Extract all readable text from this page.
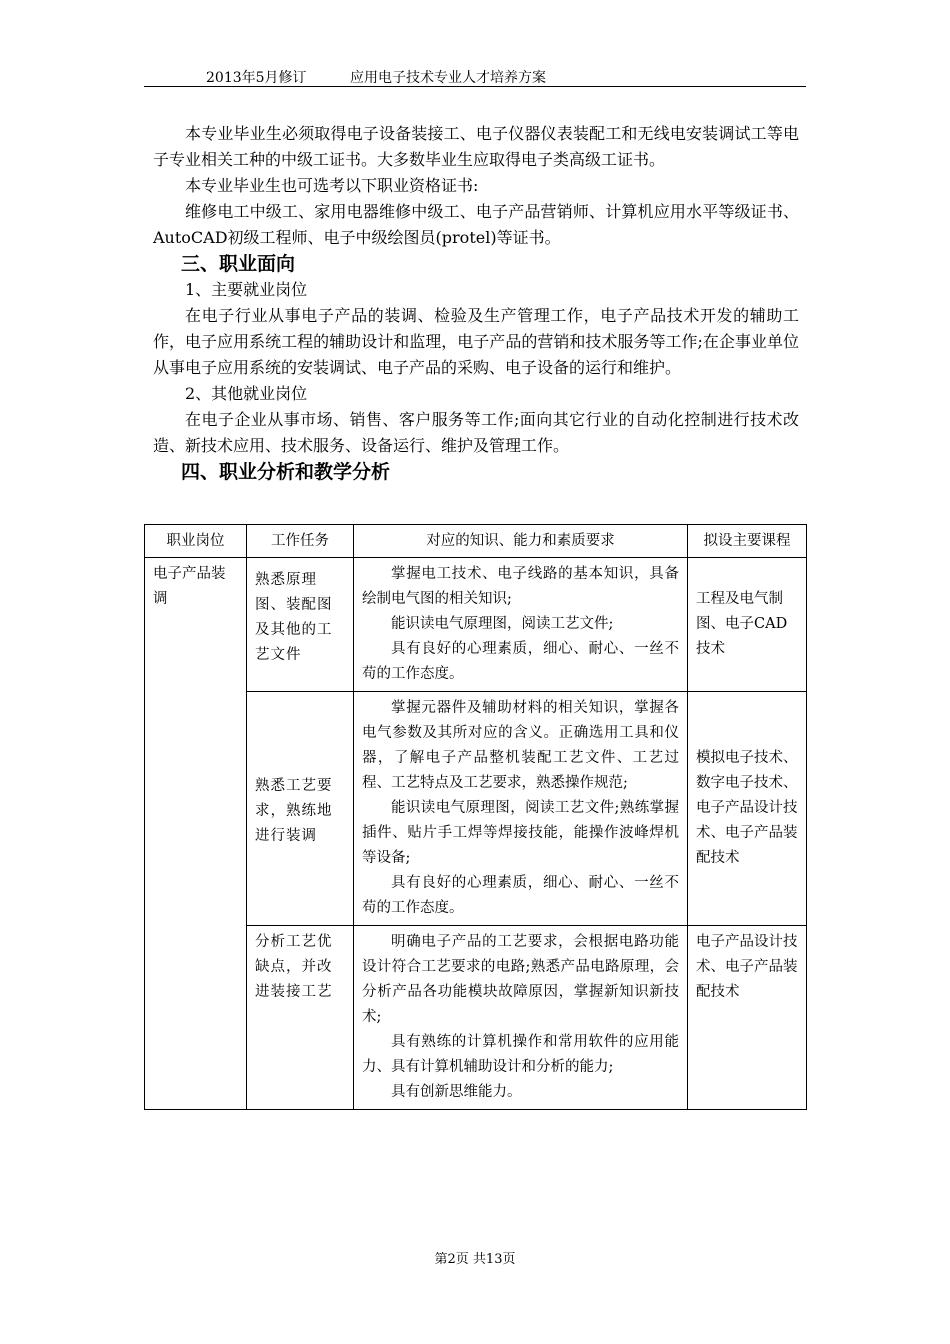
2013年5月修订	应用电子技术专业人才培养方案

本专业毕业生必须取得电子设备装接工、电子仪器仪表装配工和无线电安装调试工等电子专业相关工种的中级工证书。大多数毕业生应取得电子类高级工证书。

本专业毕业生也可选考以下职业资格证书:

维修电工中级工、家用电器维修中级工、电子产品营销师、计算机应用水平等级证书、AutoCAD初级工程师、电子中级绘图员(protel)等证书。

三、职业面向

1、主要就业岗位

在电子行业从事电子产品的装调、检验及生产管理工作，电子产品技术开发的辅助工作，电子应用系统工程的辅助设计和监理，电子产品的营销和技术服务等工作;在企事业单位从事电子应用系统的安装调试、电子产品的采购、电子设备的运行和维护。

2、其他就业岗位

在电子企业从事市场、销售、客户服务等工作;面向其它行业的自动化控制进行技术改造、新技术应用、技术服务、设备运行、维护及管理工作。

四、职业分析和教学分析

职业岗位	工作任务	对应的知识、能力和素质要求	拟设主要课程
电子产品装调	熟悉原理图、装配图及其他的工艺文件	掌握电工技术、电子线路的基本知识，具备绘制电气图的相关知识;

能识读电气原理图，阅读工艺文件;

具有良好的心理素质，细心、耐心、一丝不苟的工作态度。	工程及电气制图、电子CAD技术
	熟悉工艺要求，熟练地进行装调	掌握元器件及辅助材料的相关知识，掌握各电气参数及其所对应的含义。正确选用工具和仪器，了解电子产品整机装配工艺文件、工艺过程、工艺特点及工艺要求，熟悉操作规范;

能识读电气原理图，阅读工艺文件;熟练掌握插件、贴片手工焊等焊接技能，能操作波峰焊机等设备;

具有良好的心理素质，细心、耐心、一丝不苟的工作态度。	模拟电子技术、数字电子技术、电子产品设计技术、电子产品装配技术
	分析工艺优缺点，并改进装接工艺	明确电子产品的工艺要求，会根据电路功能设计符合工艺要求的电路;熟悉产品电路原理，会分析产品各功能模块故障原因，掌握新知识新技术;

具有熟练的计算机操作和常用软件的应用能力、具有计算机辅助设计和分析的能力;

具有创新思维能力。	电子产品设计技术、电子产品装配技术
第2页 共13页
